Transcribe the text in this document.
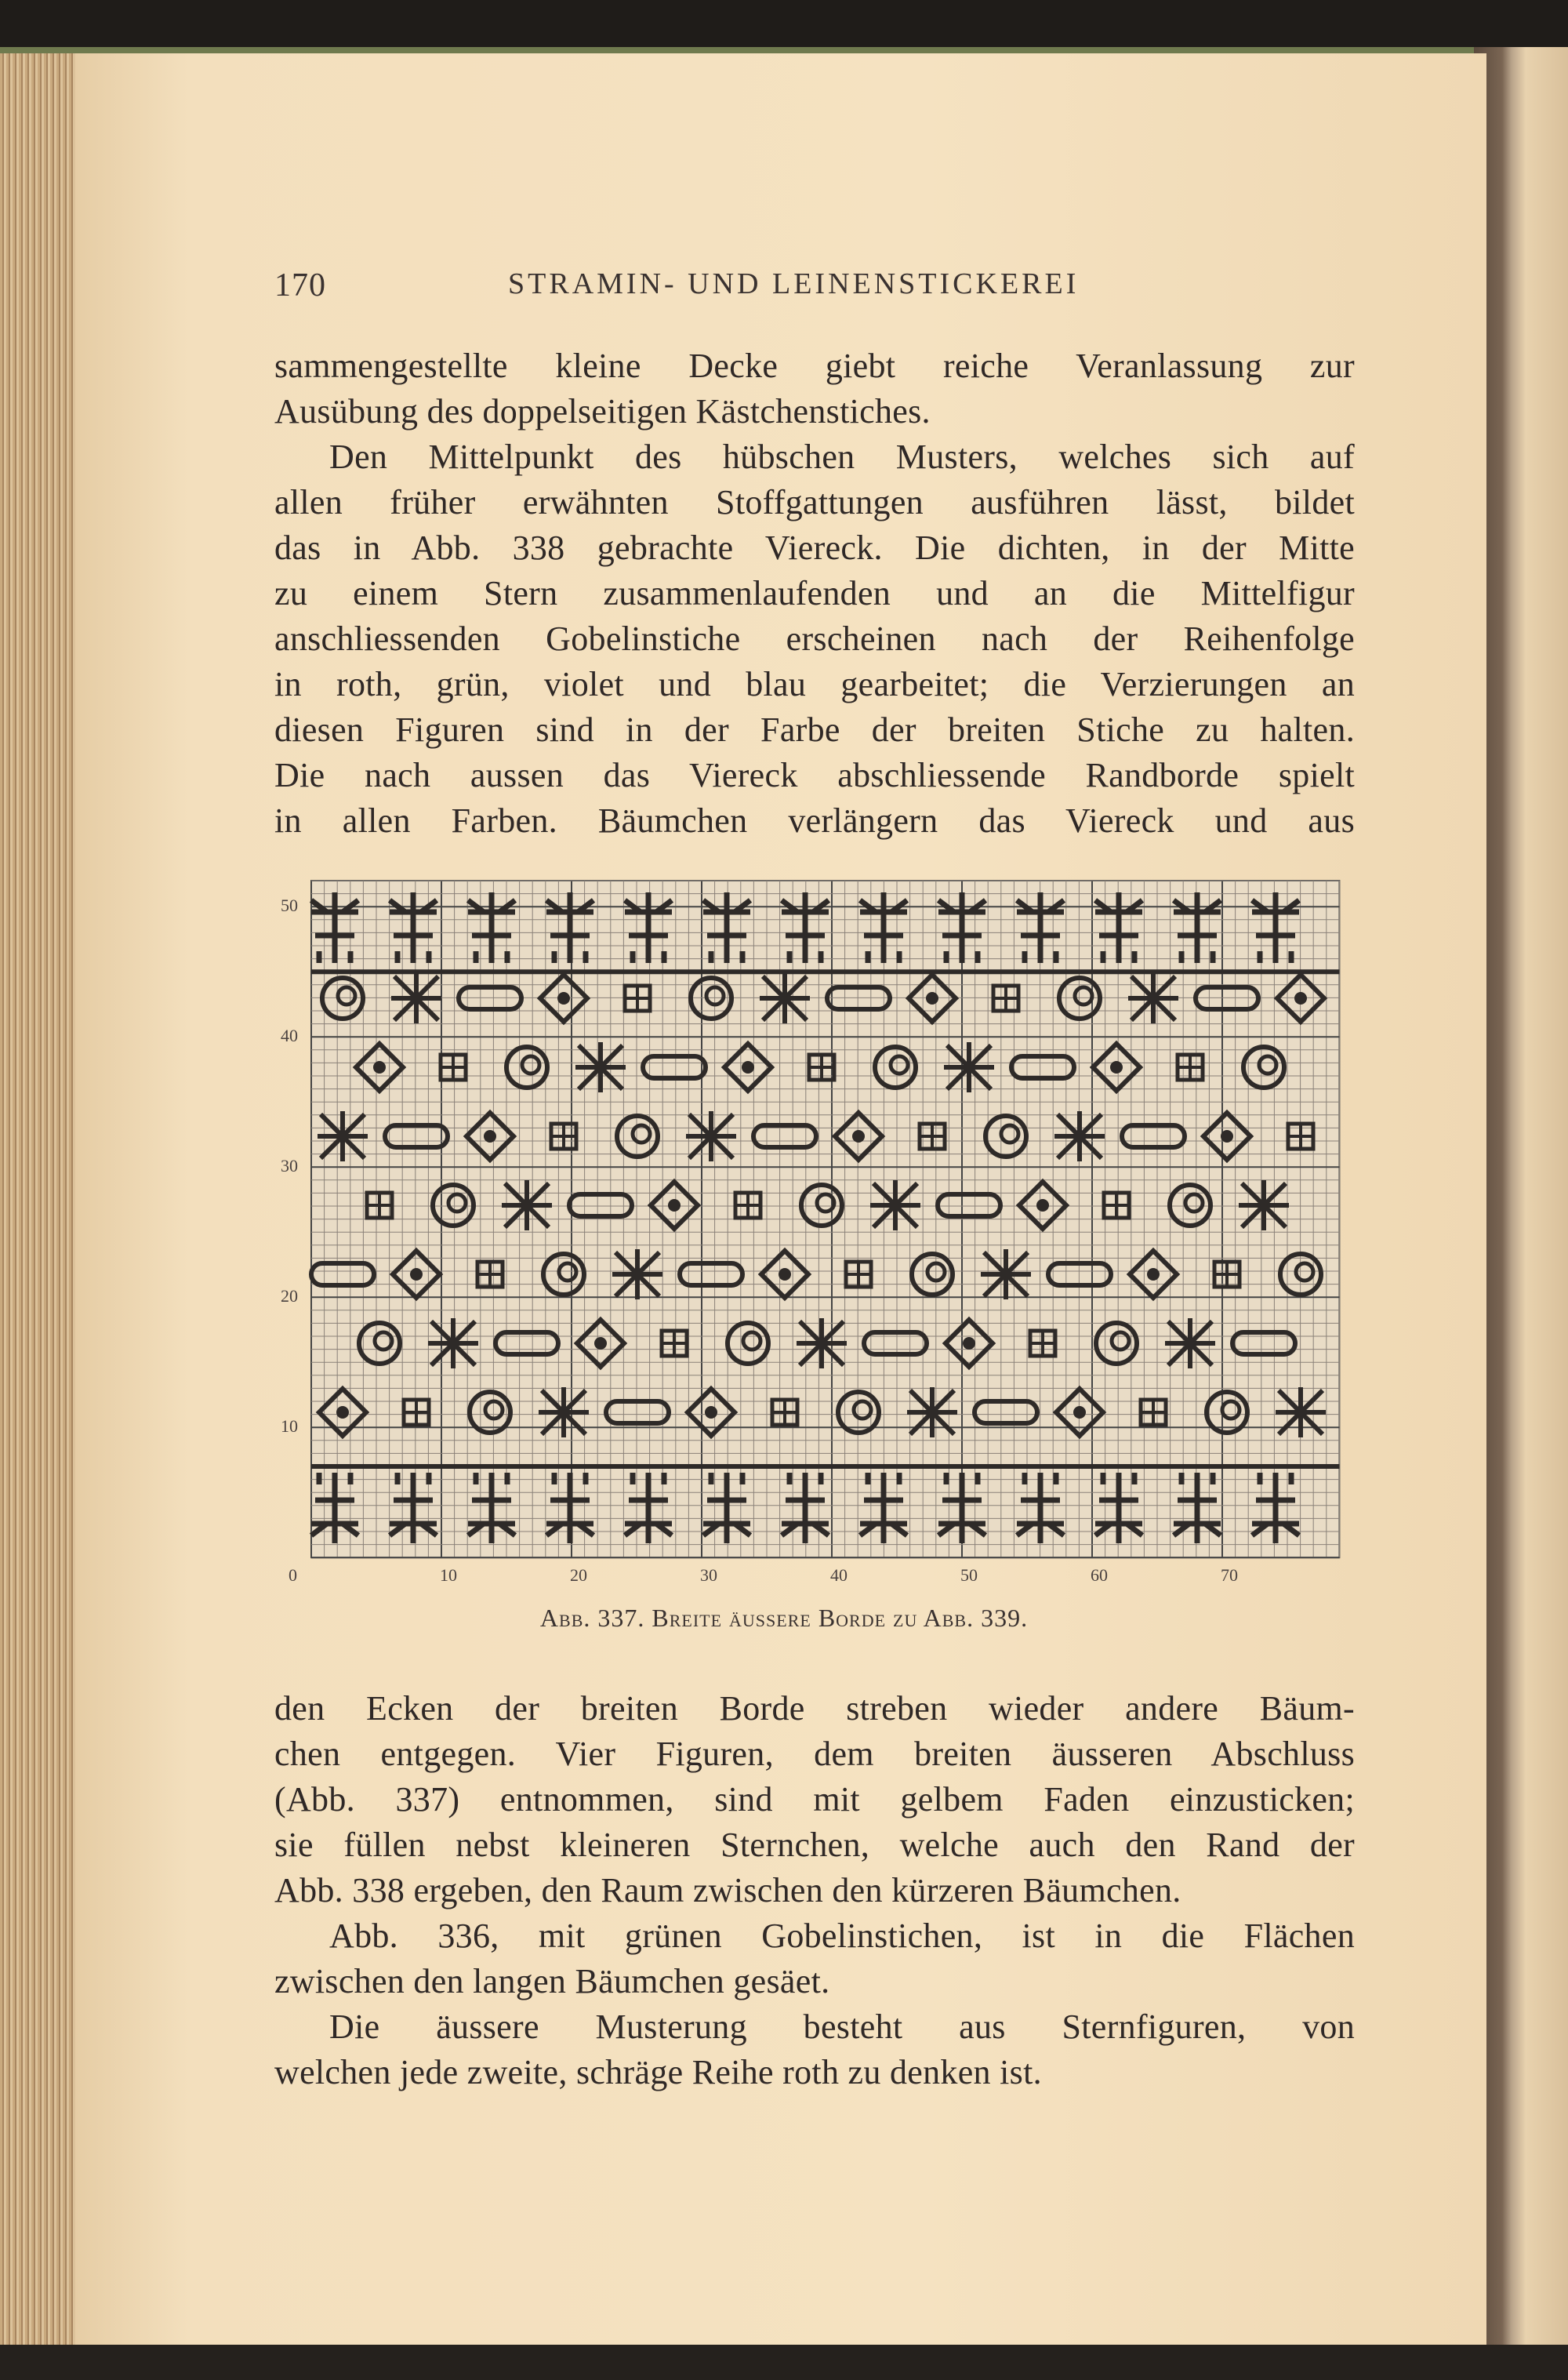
170	STRAMIN- UND LEINENSTICKEREI
sammengestellte kleine Decke giebt reiche Veranlassung zur
Ausübung des doppelseitigen Kästchenstiches.
Den Mittelpunkt des hübschen Musters, welches sich auf
allen früher erwähnten Stoffgattungen ausführen lässt, bildet
das in Abb. 338 gebrachte Viereck. Die dichten, in der Mitte
zu einem Stern zusammenlaufenden und an die Mittelfigur
anschliessenden Gobelinstiche erscheinen nach der Reihenfolge
in roth, grün, violet und blau gearbeitet; die Verzierungen an
diesen Figuren sind in der Farbe der breiten Stiche zu halten.
Die nach aussen das Viereck abschliessende Randborde spielt
in allen Farben. Bäumchen verlängern das Viereck und aus
50
40
30
20
10
0	10	20	30	40	50	60	70
Abb. 337. Breite äussere Borde zu Abb. 339.
den Ecken der breiten Borde streben wieder andere Bäum-
chen entgegen. Vier Figuren, dem breiten äusseren Abschluss
(Abb. 337) entnommen, sind mit gelbem Faden einzusticken;
sie füllen nebst kleineren Sternchen, welche auch den Rand der
Abb. 338 ergeben, den Raum zwischen den kürzeren Bäumchen.
Abb. 336, mit grünen Gobelinstichen, ist in die Flächen
zwischen den langen Bäumchen gesäet.
Die äussere Musterung besteht aus Sternfiguren, von
welchen jede zweite, schräge Reihe roth zu denken ist.
